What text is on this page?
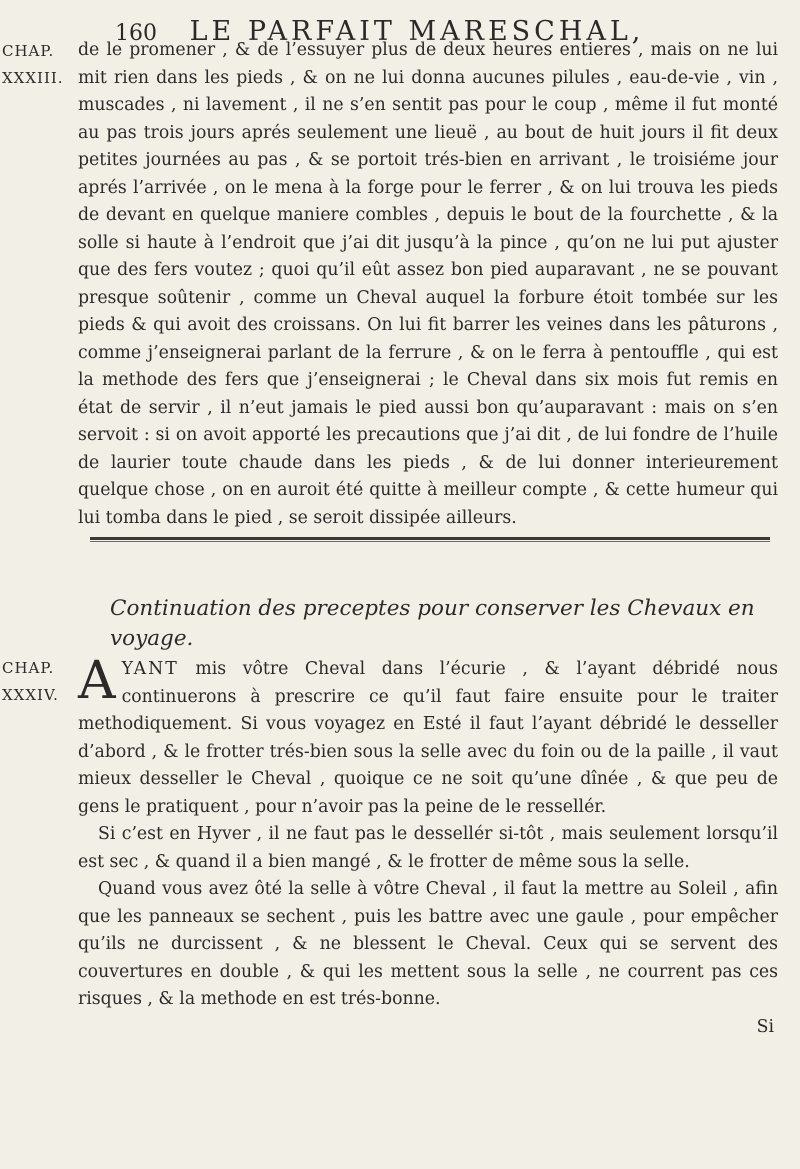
160 LE PARFAIT MARESCHAL,
CHAP.
XXXIII.
de le promener , & de l’essuyer plus de deux heures entieres , mais on ne lui mit rien dans les pieds , & on ne lui donna aucunes pilules , eau-de-vie , vin , muscades , ni lavement , il ne s’en sentit pas pour le coup , même il fut monté au pas trois jours aprés seulement une lieuë , au bout de huit jours il fit deux petites journées au pas , & se portoit trés-bien en arrivant , le troisiéme jour aprés l’arrivée , on le mena à la forge pour le ferrer , & on lui trouva les pieds de devant en quelque maniere combles , depuis le bout de la fourchette , & la solle si haute à l’endroit que j’ai dit jusqu’à la pince , qu’on ne lui put ajuster que des fers voutez ; quoi qu’il eût assez bon pied auparavant , ne se pouvant presque soûtenir , comme un Cheval auquel la forbure étoit tombée sur les pieds & qui avoit des croissans. On lui fit barrer les veines dans les pâturons , comme j’enseignerai parlant de la ferrure , & on le ferra à pentouffle , qui est la methode des fers que j’enseignerai ; le Cheval dans six mois fut remis en état de servir , il n’eut jamais le pied aussi bon qu’auparavant : mais on s’en servoit : si on avoit apporté les precautions que j’ai dit , de lui fondre de l’huile de laurier toute chaude dans les pieds , & de lui donner interieurement quelque chose , on en auroit été quitte à meilleur compte , & cette humeur qui lui tomba dans le pied , se seroit dissipée ailleurs.
Continuation des preceptes pour conserver les Chevaux en voyage.
CHAP.
XXXIV. A YANT mis vôtre Cheval dans l’écurie , & l’ayant débridé nous continuerons à prescrire ce qu’il faut faire ensuite pour le traiter methodiquement. Si vous voyagez en Esté il faut l’ayant débridé le desseller d’abord , & le frotter trés-bien sous la selle avec du foin ou de la paille , il vaut mieux desseller le Cheval , quoique ce ne soit qu’une dînée , & que peu de gens le pratiquent , pour n’avoir pas la peine de le ressellér.
Si c’est en Hyver , il ne faut pas le dessellér si-tôt , mais seulement lorsqu’il est sec , & quand il a bien mangé , & le frotter de même sous la selle.
Quand vous avez ôté la selle à vôtre Cheval , il faut la mettre au Soleil , afin que les panneaux se sechent , puis les battre avec une gaule , pour empêcher qu’ils ne durcissent , & ne blessent le Cheval. Ceux qui se servent des couvertures en double , & qui les mettent sous la selle , ne courrent pas ces risques , & la methode en est trés-bonne.
Si
